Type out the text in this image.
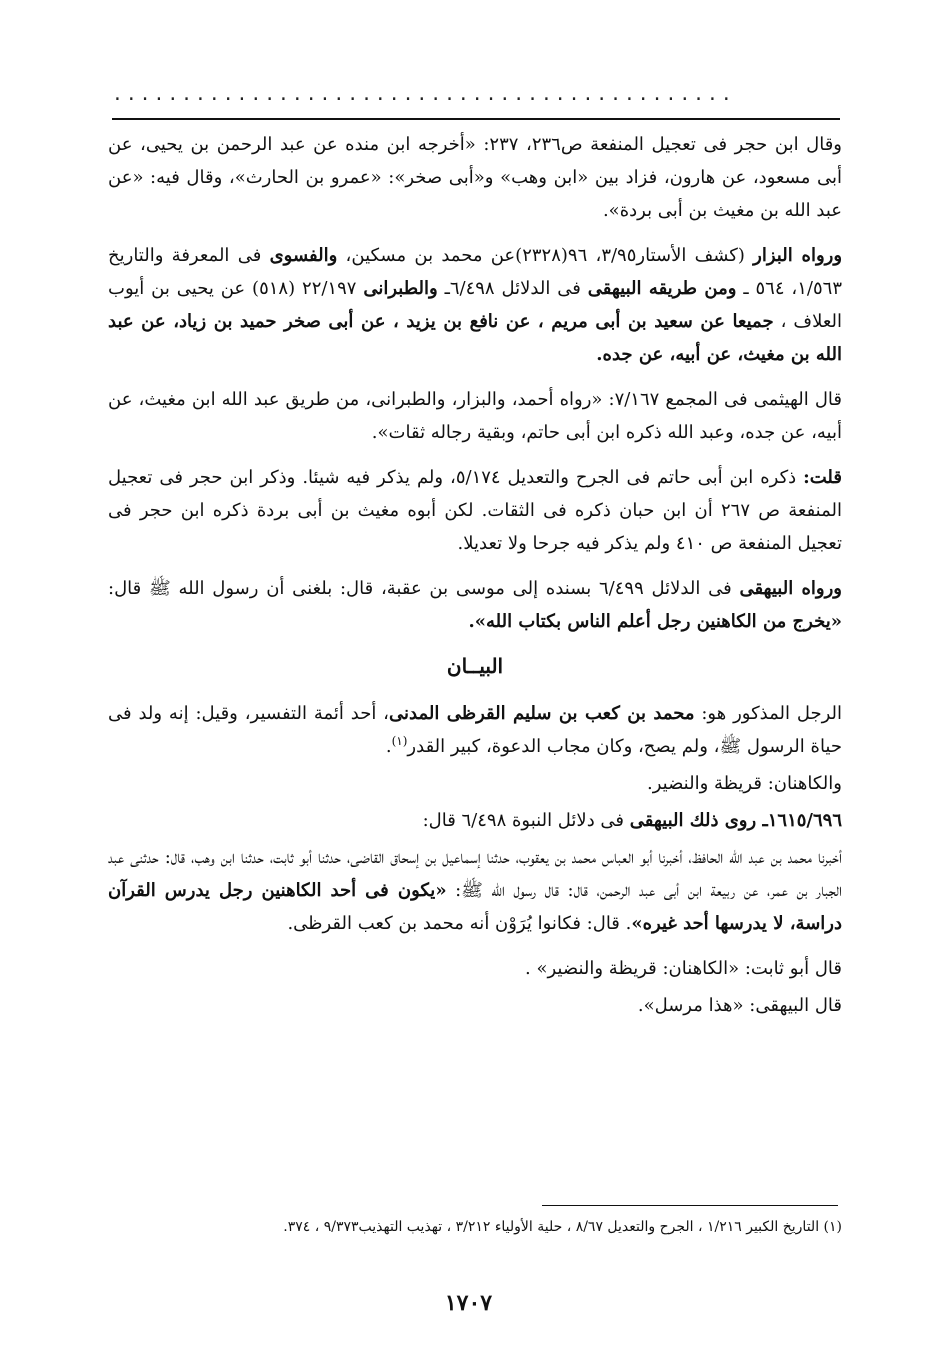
.............................................

وقال ابن حجر فى تعجيل المنفعة ص٢٣٦، ٢٣٧: «أخرجه ابن منده عن عبد الرحمن بن يحيى، عن أبى مسعود، عن هارون، فزاد بين «ابن وهب» و«أبى صخر»: «عمرو بن الحارث»، وقال فيه: «عن عبد الله بن مغيث بن أبى بردة».

ورواه البزار (كشف الأستار٣/٩٥، ٩٦(٢٣٢٨)عن محمد بن مسكين، والفسوى فى المعرفة والتاريخ ١/٥٦٣، ٥٦٤ ـ ومن طريقه البيهقى فى الدلائل ٦/٤٩٨ـ والطبرانى ٢٢/١٩٧ (٥١٨) عن يحيى بن أيوب العلاف ، جميعا عن سعيد بن أبى مريم ، عن نافع بن يزيد ، عن أبى صخر حميد بن زياد، عن عبد الله بن مغيث، عن أبيه، عن جده.

قال الهيثمى فى المجمع ٧/١٦٧: «رواه أحمد، والبزار، والطبرانى، من طريق عبد الله ابن مغيث، عن أبيه، عن جده، وعبد الله ذكره ابن أبى حاتم، وبقية رجاله ثقات».

قلت: ذكره ابن أبى حاتم فى الجرح والتعديل ٥/١٧٤، ولم يذكر فيه شيئا. وذكر ابن حجر فى تعجيل المنفعة ص ٢٦٧ أن ابن حبان ذكره فى الثقات. لكن أبوه مغيث بن أبى بردة ذكره ابن حجر فى تعجيل المنفعة ص ٤١٠ ولم يذكر فيه جرحا ولا تعديلا.

ورواه البيهقى فى الدلائل ٦/٤٩٩ بسنده إلى موسى بن عقبة، قال: بلغنى أن رسول الله ﷺ قال: «يخرج من الكاهنين رجل أعلم الناس بكتاب الله».

البيــان

الرجل المذكور هو: محمد بن كعب بن سليم القرظى المدنى، أحد أئمة التفسير، وقيل: إنه ولد فى حياة الرسول ﷺ، ولم يصح، وكان مجاب الدعوة، كبير القدر$^{(١)}$.

والكاهنان: قريظة والنضير.

١٦١٥/٦٩٦ـ روى ذلك البيهقى فى دلائل النبوة ٦/٤٩٨ قال:

أخبرنا محمد بن عبد الله الحافظ، أخبرنا أبو العباس محمد بن يعقوب، حدثنا إسماعيل بن إسحاق القاضى، حدثنا أبو ثابت، حدثنا ابن وهب، قال: حدثنى عبد الجبار بن عمر، عن ربيعة ابن أبى عبد الرحمن، قال: قال رسول الله ﷺ: «يكون فى أحد الكاهنين رجل يدرس القرآن دراسة، لا يدرسها أحد غيره». قال: فكانوا يُرَوْن أنه محمد بن كعب القرظى.

قال أبو ثابت: «الكاهنان: قريظة والنضير» .

قال البيهقى: «هذا مرسل».

(١) التاريخ الكبير ١/٢١٦ ، الجرح والتعديل ٨/٦٧ ، حلية الأولياء ٣/٢١٢ ، تهذيب التهذيب٩/٣٧٣ ، ٣٧٤.
١٧٠٧
